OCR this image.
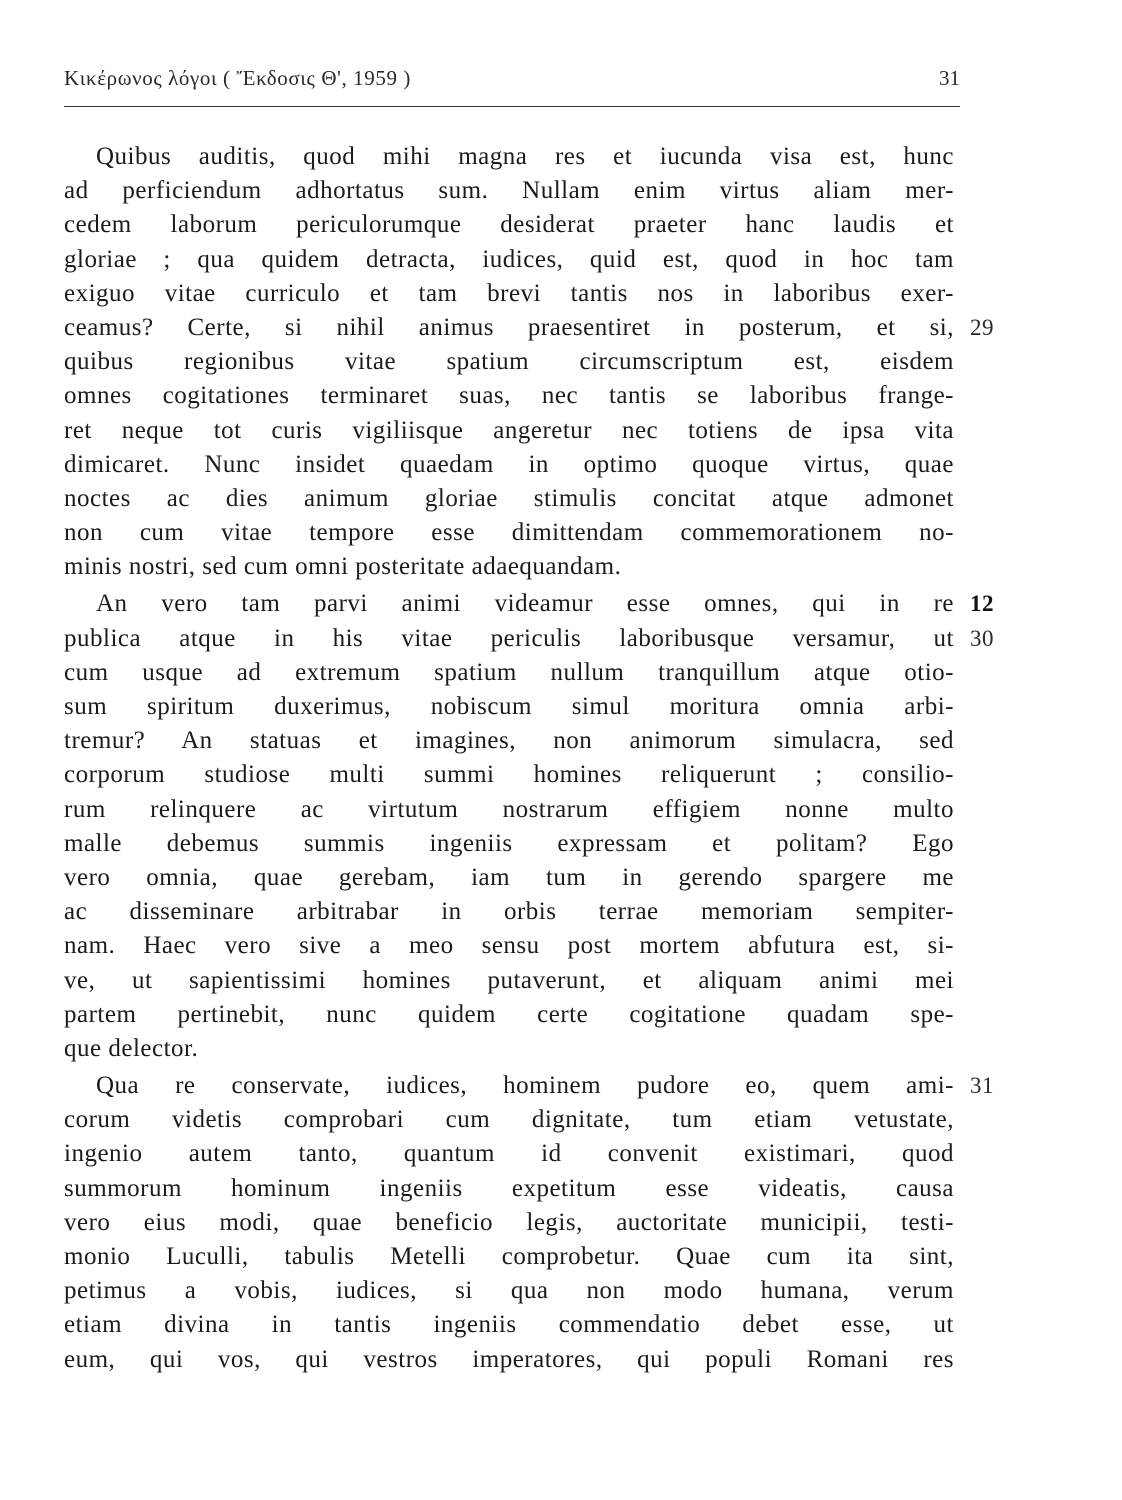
Κικέρωνος λόγοι ( Ἔκδοσις Θ', 1959 )	31
Quibus auditis, quod mihi magna res et iucunda visa est, hunc
ad perficiendum adhortatus sum. Nullam enim virtus aliam mer-
cedem laborum periculorumque desiderat praeter hanc laudis et
gloriae ; qua quidem detracta, iudices, quid est, quod in hoc tam
exiguo vitae curriculo et tam brevi tantis nos in laboribus exer-
ceamus? Certe, si nihil animus praesentiret in posterum, et si, 29
quibus regionibus vitae spatium circumscriptum est, eisdem
omnes cogitationes terminaret suas, nec tantis se laboribus frange-
ret neque tot curis vigiliisque angeretur nec totiens de ipsa vita
dimicaret. Nunc insidet quaedam in optimo quoque virtus, quae
noctes ac dies animum gloriae stimulis concitat atque admonet
non cum vitae tempore esse dimittendam commemorationem no-
minis nostri, sed cum omni posteritate adaequandam.
An vero tam parvi animi videamur esse omnes, qui in re 12
publica atque in his vitae periculis laboribusque versamur, ut 30
cum usque ad extremum spatium nullum tranquillum atque otio-
sum spiritum duxerimus, nobiscum simul moritura omnia arbi-
tremur? An statuas et imagines, non animorum simulacra, sed
corporum studiose multi summi homines reliquerunt ; consilio-
rum relinquere ac virtutum nostrarum effigiem nonne multo
malle debemus summis ingeniis expressam et politam? Ego
vero omnia, quae gerebam, iam tum in gerendo spargere me
ac disseminare arbitrabar in orbis terrae memoriam sempiter-
nam. Haec vero sive a meo sensu post mortem abfutura est, si-
ve, ut sapientissimi homines putaverunt, et aliquam animi mei
partem pertinebit, nunc quidem certe cogitatione quadam spe-
que delector.
Qua re conservate, iudices, hominem pudore eo, quem ami- 31
corum videtis comprobari cum dignitate, tum etiam vetustate,
ingenio autem tanto, quantum id convenit existimari, quod
summorum hominum ingeniis expetitum esse videatis, causa
vero eius modi, quae beneficio legis, auctoritate municipii, testi-
monio Luculli, tabulis Metelli comprobetur. Quae cum ita sint,
petimus a vobis, iudices, si qua non modo humana, verum
etiam divina in tantis ingeniis commendatio debet esse, ut
eum, qui vos, qui vestros imperatores, qui populi Romani res
